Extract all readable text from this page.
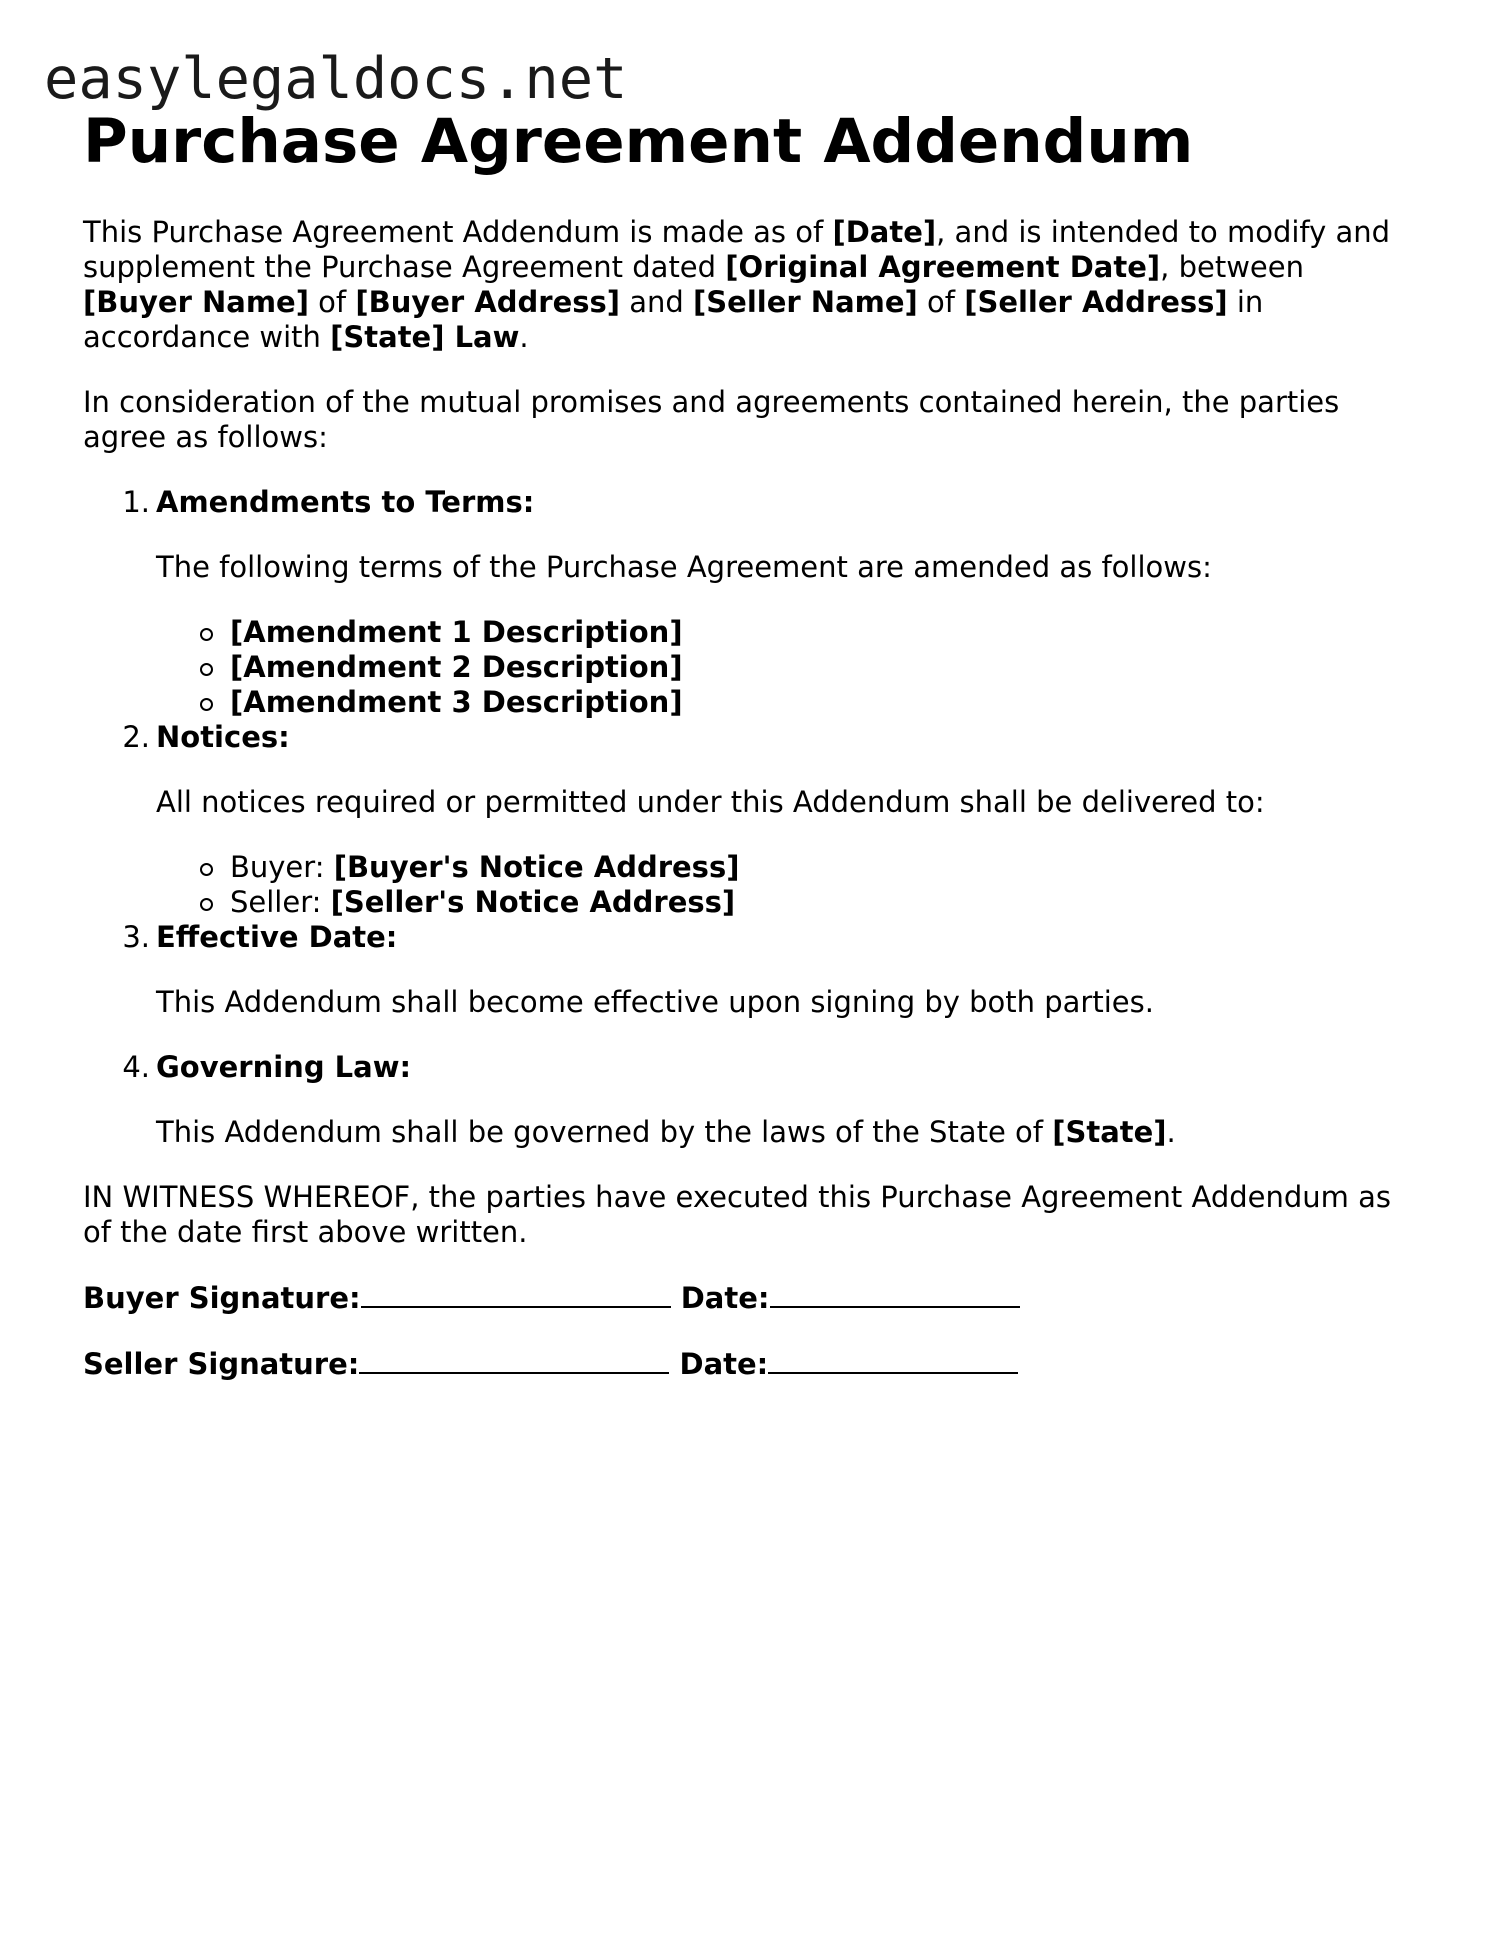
easylegaldocs.net
Purchase Agreement Addendum

This Purchase Agreement Addendum is made as of [Date], and is intended to modify and supplement the Purchase Agreement dated [Original Agreement Date], between
[Buyer Name] of [Buyer Address] and [Seller Name] of [Seller Address] in accordance with [State] Law.

In consideration of the mutual promises and agreements contained herein, the parties agree as follows:

1. Amendments to Terms:

The following terms of the Purchase Agreement are amended as follows:

[Amendment 1 Description]
[Amendment 2 Description]
[Amendment 3 Description]
2. Notices:

All notices required or permitted under this Addendum shall be delivered to:

Buyer: [Buyer's Notice Address]
Seller: [Seller's Notice Address]
3. Effective Date:

This Addendum shall become effective upon signing by both parties.

4. Governing Law:

This Addendum shall be governed by the laws of the State of [State].

IN WITNESS WHEREOF, the parties have executed this Purchase Agreement Addendum as of the date first above written.

Buyer Signature:	Date:
Seller Signature:	Date:
